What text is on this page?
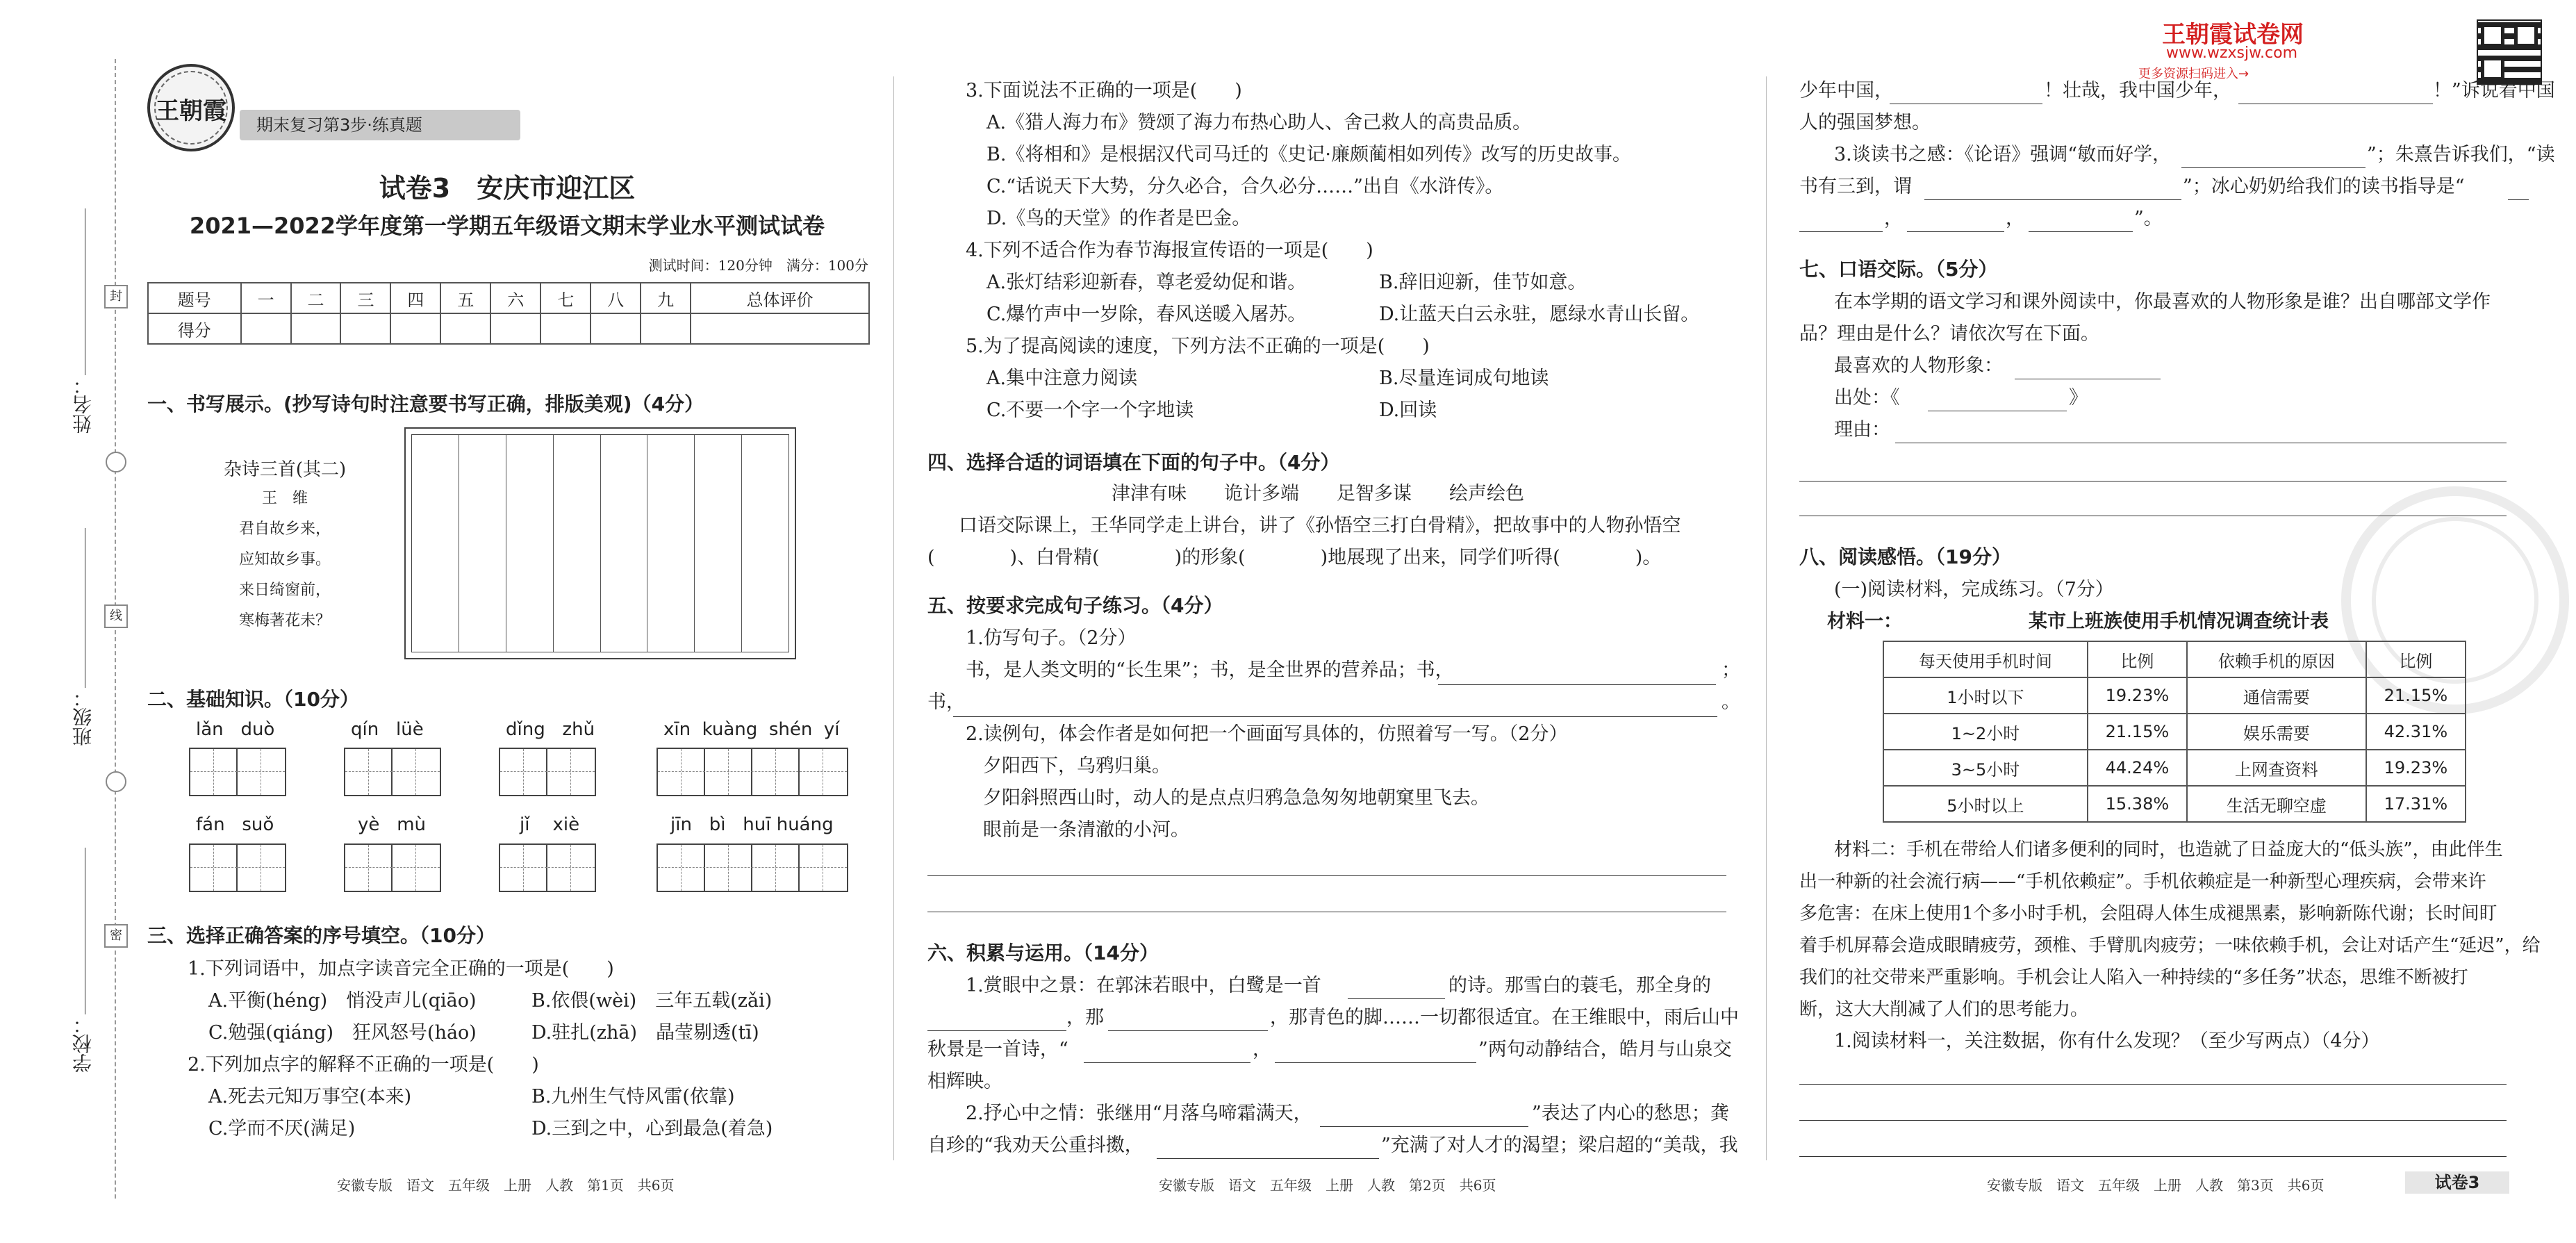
封
线
密
姓名：
班级：
学校：
王朝霞	期末复习第3步·练真题
试卷3　安庆市迎江区
2021—2022学年度第一学期五年级语文期末学业水平测试试卷
测试时间：120分钟　满分：100分
题号	一	二	三	四	五	六	七	八	九	总体评价
得分										
一、书写展示。(抄写诗句时注意要书写正确，排版美观)（4分）
杂诗三首(其二)
王　维
君自故乡来，
应知故乡事。
来日绮窗前，
寒梅著花未？
二、基础知识。（10分）
lǎn duò	qín lüè	dǐng zhǔ	xīn kuàng shén yí
fán suǒ	yè mù	jǐ xiè	jīn bì huī huáng
三、选择正确答案的序号填空。（10分）
1.下列词语中，加点字读音完全正确的一项是(　　)
A.平衡(héng)　悄没声儿(qiāo)	B.依偎(wèi)　三年五载(zǎi)
C.勉强(qiáng)　狂风怒号(háo)	D.驻扎(zhā)　晶莹剔透(tī)
2.下列加点字的解释不正确的一项是(　　)
A.死去元知万事空(本来)	B.九州生气恃风雷(依靠)
C.学而不厌(满足)	D.三到之中，心到最急(着急)
安徽专版　语文　五年级　上册　人教　第1页　共6页
3.下面说法不正确的一项是(　　)
A.《猎人海力布》赞颂了海力布热心助人、舍己救人的高贵品质。
B.《将相和》是根据汉代司马迁的《史记·廉颇蔺相如列传》改写的历史故事。
C.“话说天下大势，分久必合，合久必分……”出自《水浒传》。
D.《鸟的天堂》的作者是巴金。
4.下列不适合作为春节海报宣传语的一项是(　　)
A.张灯结彩迎新春，尊老爱幼促和谐。	B.辞旧迎新，佳节如意。
C.爆竹声中一岁除，春风送暖入屠苏。	D.让蓝天白云永驻，愿绿水青山长留。
5.为了提高阅读的速度，下列方法不正确的一项是(　　)
A.集中注意力阅读	B.尽量连词成句地读
C.不要一个字一个字地读	D.回读
四、选择合适的词语填在下面的句子中。（4分）
津津有味　　诡计多端　　足智多谋　　绘声绘色
口语交际课上，王华同学走上讲台，讲了《孙悟空三打白骨精》，把故事中的人物孙悟空
(　　　　)、白骨精(　　　　)的形象(　　　　)地展现了出来，同学们听得(　　　　)。
五、按要求完成句子练习。（4分）
1.仿写句子。（2分）
书，是人类文明的“长生果”；书，是全世界的营养品；书，	；
书，	。
2.读例句，体会作者是如何把一个画面写具体的，仿照着写一写。（2分）
夕阳西下，乌鸦归巢。
夕阳斜照西山时，动人的是点点归鸦急急匆匆地朝窠里飞去。
眼前是一条清澈的小河。
六、积累与运用。（14分）
1.赏眼中之景：在郭沫若眼中，白鹭是一首	的诗。那雪白的蓑毛，那全身的
，那	，那青色的脚……一切都很适宜。在王维眼中，雨后山中
秋景是一首诗，“	，	”两句动静结合，皓月与山泉交
相辉映。
2.抒心中之情：张继用“月落乌啼霜满天，	”表达了内心的愁思；龚
自珍的“我劝天公重抖擞，	”充满了对人才的渴望；梁启超的“美哉，我
安徽专版　语文　五年级　上册　人教　第2页　共6页
王朝霞试卷网
www.wzxsjw.com
更多资源扫码进入→
少年中国，	！壮哉，我中国少年，	！”诉说着中国
人的强国梦想。
3.谈读书之感：《论语》强调“敏而好学，	”；朱熹告诉我们，“读
书有三到，谓	”；冰心奶奶给我们的读书指导是“
，	，	”。
七、口语交际。（5分）
在本学期的语文学习和课外阅读中，你最喜欢的人物形象是谁？出自哪部文学作
品？理由是什么？请依次写在下面。
最喜欢的人物形象：
出处：《	》
理由：
八、阅读感悟。（19分）
(一)阅读材料，完成练习。（7分）
材料一：	某市上班族使用手机情况调查统计表
每天使用手机时间	比例	依赖手机的原因	比例
1小时以下	19.23%	通信需要	21.15%
1~2小时	21.15%	娱乐需要	42.31%
3~5小时	44.24%	上网查资料	19.23%
5小时以上	15.38%	生活无聊空虚	17.31%
材料二：手机在带给人们诸多便利的同时，也造就了日益庞大的“低头族”，由此伴生
出一种新的社会流行病——“手机依赖症”。手机依赖症是一种新型心理疾病，会带来许
多危害：在床上使用1个多小时手机，会阻碍人体生成褪黑素，影响新陈代谢；长时间盯
着手机屏幕会造成眼睛疲劳，颈椎、手臂肌肉疲劳；一味依赖手机，会让对话产生“延迟”，给
我们的社交带来严重影响。手机会让人陷入一种持续的“多任务”状态，思维不断被打
断，这大大削减了人们的思考能力。
1.阅读材料一，关注数据，你有什么发现？（至少写两点）（4分）
安徽专版　语文　五年级　上册　人教　第3页　共6页	试卷3
